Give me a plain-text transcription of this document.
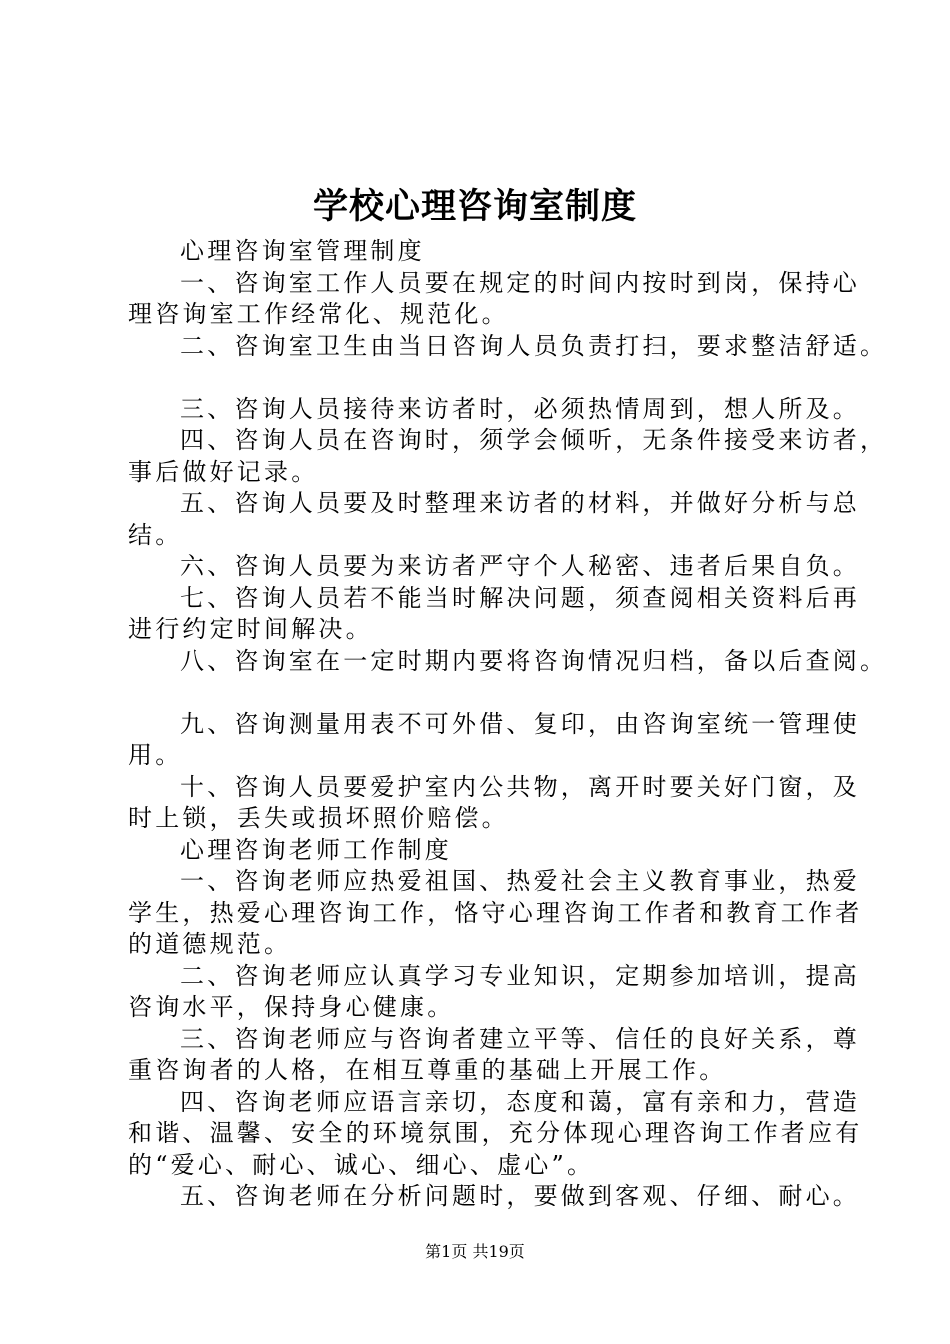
学校心理咨询室制度
心理咨询室管理制度
一、咨询室工作人员要在规定的时间内按时到岗，保持心
理咨询室工作经常化、规范化。
二、咨询室卫生由当日咨询人员负责打扫，要求整洁舒适。
三、咨询人员接待来访者时，必须热情周到，想人所及。
四、咨询人员在咨询时，须学会倾听，无条件接受来访者，
事后做好记录。
五、咨询人员要及时整理来访者的材料，并做好分析与总
结。
六、咨询人员要为来访者严守个人秘密、违者后果自负。
七、咨询人员若不能当时解决问题，须查阅相关资料后再
进行约定时间解决。
八、咨询室在一定时期内要将咨询情况归档，备以后查阅。
九、咨询测量用表不可外借、复印，由咨询室统一管理使
用。
十、咨询人员要爱护室内公共物，离开时要关好门窗，及
时上锁，丢失或损坏照价赔偿。
心理咨询老师工作制度
一、咨询老师应热爱祖国、热爱社会主义教育事业，热爱
学生，热爱心理咨询工作，恪守心理咨询工作者和教育工作者
的道德规范。
二、咨询老师应认真学习专业知识，定期参加培训，提高
咨询水平，保持身心健康。
三、咨询老师应与咨询者建立平等、信任的良好关系，尊
重咨询者的人格，在相互尊重的基础上开展工作。
四、咨询老师应语言亲切，态度和蔼，富有亲和力，营造
和谐、温馨、安全的环境氛围，充分体现心理咨询工作者应有
的“爱心、耐心、诚心、细心、虚心”。
五、咨询老师在分析问题时，要做到客观、仔细、耐心。
第1页 共19页
